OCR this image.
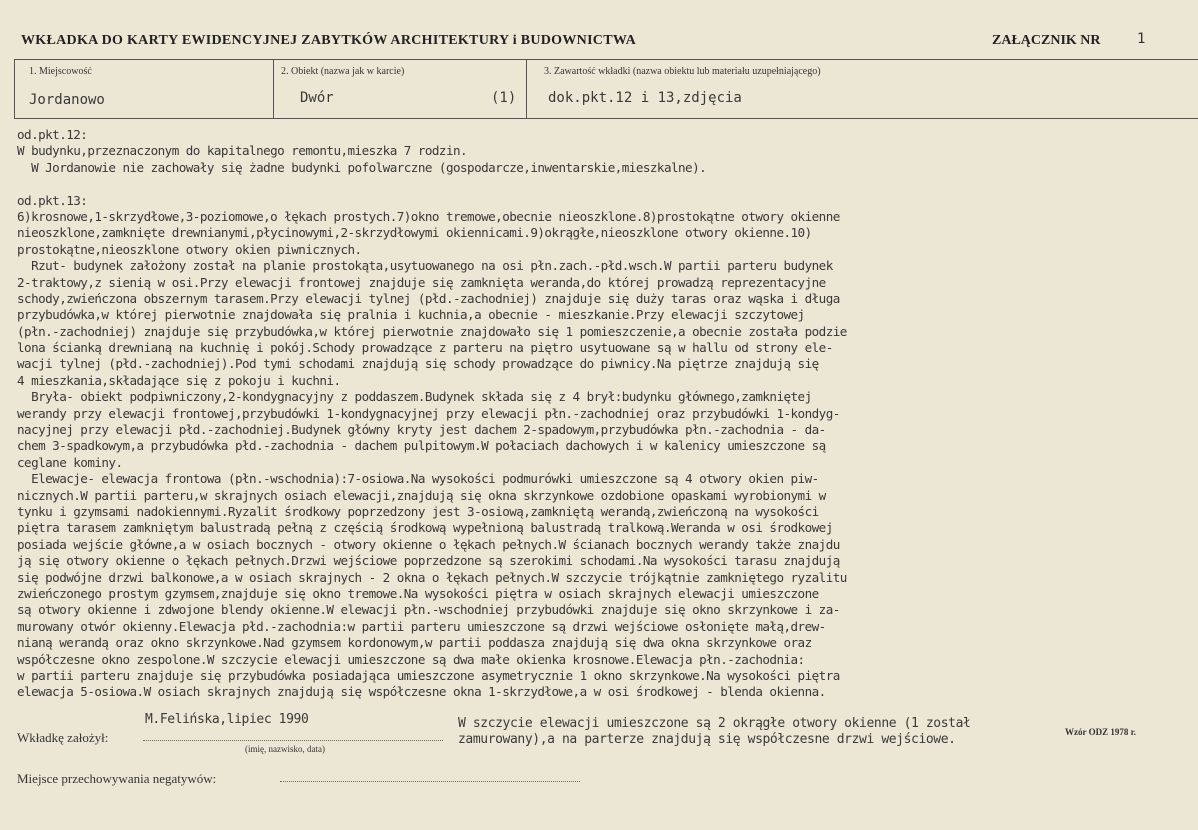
WKŁADKA DO KARTY EWIDENCYJNEJ ZABYTKÓW ARCHITEKTURY i BUDOWNICTWA	ZAŁĄCZNIK NR	1
1. Miejscowość
Jordanowo
2. Obiekt (nazwa jak w karcie)
Dwór	(1)
3. Zawartość wkładki (nazwa obiektu lub materiału uzupełniającego)
dok.pkt.12 i 13,zdjęcia
od.pkt.12:
W budynku,przeznaczonym do kapitalnego remontu,mieszka 7 rodzin.
W Jordanowie nie zachowały się żadne budynki pofolwarczne (gospodarcze,inwentarskie,mieszkalne).
od.pkt.13:
6)krosnowe,1-skrzydłowe,3-poziomowe,o łękach prostych.7)okno tremowe,obecnie nieoszklone.8)prostokątne otwory okienne
nieoszklone,zamknięte drewnianymi,płycinowymi,2-skrzydłowymi okiennicami.9)okrągłe,nieoszklone otwory okienne.10)
prostokątne,nieoszklone otwory okien piwnicznych.
Rzut- budynek założony został na planie prostokąta,usytuowanego na osi płn.zach.-płd.wsch.W partii parteru budynek
2-traktowy,z sienią w osi.Przy elewacji frontowej znajduje się zamknięta weranda,do której prowadzą reprezentacyjne
schody,zwieńczona obszernym tarasem.Przy elewacji tylnej (płd.-zachodniej) znajduje się duży taras oraz wąska i długa
przybudówka,w której pierwotnie znajdowała się pralnia i kuchnia,a obecnie - mieszkanie.Przy elewacji szczytowej
(płn.-zachodniej) znajduje się przybudówka,w której pierwotnie znajdowało się 1 pomieszczenie,a obecnie została podzie
lona ścianką drewnianą na kuchnię i pokój.Schody prowadzące z parteru na piętro usytuowane są w hallu od strony ele-
wacji tylnej (płd.-zachodniej).Pod tymi schodami znajdują się schody prowadzące do piwnicy.Na piętrze znajdują się
4 mieszkania,składające się z pokoju i kuchni.
Bryła- obiekt podpiwniczony,2-kondygnacyjny z poddaszem.Budynek składa się z 4 brył:budynku głównego,zamkniętej
werandy przy elewacji frontowej,przybudówki 1-kondygnacyjnej przy elewacji płn.-zachodniej oraz przybudówki 1-kondyg-
nacyjnej przy elewacji płd.-zachodniej.Budynek główny kryty jest dachem 2-spadowym,przybudówka płn.-zachodnia - da-
chem 3-spadkowym,a przybudówka płd.-zachodnia - dachem pulpitowym.W połaciach dachowych i w kalenicy umieszczone są
ceglane kominy.
Elewacje- elewacja frontowa (płn.-wschodnia):7-osiowa.Na wysokości podmurówki umieszczone są 4 otwory okien piw-
nicznych.W partii parteru,w skrajnych osiach elewacji,znajdują się okna skrzynkowe ozdobione opaskami wyrobionymi w
tynku i gzymsami nadokiennymi.Ryzalit środkowy poprzedzony jest 3-osiową,zamkniętą werandą,zwieńczoną na wysokości
piętra tarasem zamkniętym balustradą pełną z częścią środkową wypełnioną balustradą tralkową.Weranda w osi środkowej
posiada wejście główne,a w osiach bocznych - otwory okienne o łękach pełnych.W ścianach bocznych werandy także znajdu
ją się otwory okienne o łękach pełnych.Drzwi wejściowe poprzedzone są szerokimi schodami.Na wysokości tarasu znajdują
się podwójne drzwi balkonowe,a w osiach skrajnych - 2 okna o łękach pełnych.W szczycie trójkątnie zamkniętego ryzalitu
zwieńczonego prostym gzymsem,znajduje się okno tremowe.Na wysokości piętra w osiach skrajnych elewacji umieszczone
są otwory okienne i zdwojone blendy okienne.W elewacji płn.-wschodniej przybudówki znajduje się okno skrzynkowe i za-
murowany otwór okienny.Elewacja płd.-zachodnia:w partii parteru umieszczone są drzwi wejściowe osłonięte małą,drew-
nianą werandą oraz okno skrzynkowe.Nad gzymsem kordonowym,w partii poddasza znajdują się dwa okna skrzynkowe oraz
współczesne okno zespolone.W szczycie elewacji umieszczone są dwa małe okienka krosnowe.Elewacja płn.-zachodnia:
w partii parteru znajduje się przybudówka posiadająca umieszczone asymetrycznie 1 okno skrzynkowe.Na wysokości piętra
elewacja 5-osiowa.W osiach skrajnych znajdują się współczesne okna 1-skrzydłowe,a w osi środkowej - blenda okienna.
M.Felińska,lipiec 1990
Wkładkę założył:
(imię, nazwisko, data)
W szczycie elewacji umieszczone są 2 okrągłe otwory okienne (1 został
zamurowany),a na parterze znajdują się współczesne drzwi wejściowe.	Wzór ODZ 1978 r.
Miejsce przechowywania negatywów:
